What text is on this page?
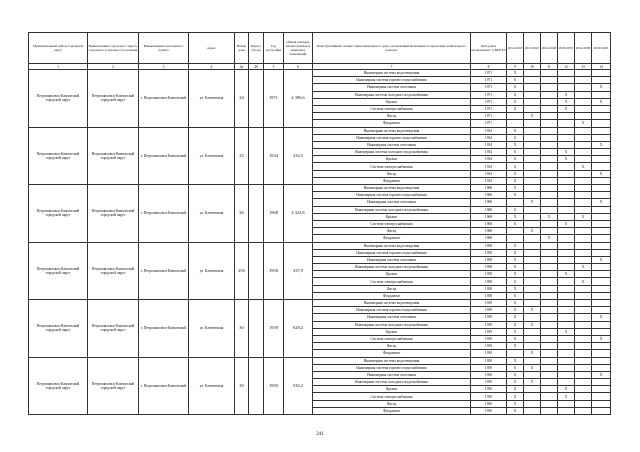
Муниципальный район, Городской округ	Наименование городского округа, городского (сельского) поселения	Наименование населенного пункта	Адрес	Номер дома	Корпус (блок)	Год постройки	Общая площадь жилых (жилых и нежилых) помещений	Конструктивный элемент многоквартирного дома, подлежащий включению в программу капитального ремонта	Дата ранее проведенного в БКР КЗ	2014 2018	2019 2023	2024 2028	2029 2033	2034 2038	2039 2043
1	2	3	4	4а	4б	5	6	7	8	9	10	11	12	13	14
Петропавловск-Камчатский городской округ	Петропавловск-Камчатский городской округ	г. Петропавловск-Камчатский	ул. Ключевская	24		1971	4 396,6	Инженерная система водоотведения	1971	X					
								Инженерная система горячего водоснабжения	1971	X					
								Инженерная система отопления	1971	X					X
								Инженерная система холодного водоснабжения	1971	X			X		
								Крыша	1971	X			X		X
								Система электроснабжения	1971	X			X		
								Фасад	1971		X				
								Фундамент	1971					X	
Петропавловск-Камчатский городской округ	Петропавловск-Камчатский городской округ	г. Петропавловск-Камчатский	ул. Ключевская	25		1934	434,5	Инженерная система водоотведения	1934	X					
								Инженерная система горячего водоснабжения	1934	X					
								Инженерная система отопления	1934	X					X
								Инженерная система холодного водоснабжения	1934	X			X		
								Крыша	1934	X			X		
								Система электроснабжения	1934	X				X	
								Фасад	1934	X					X
								Фундамент	1934	X					
Петропавловск-Камчатский городской округ	Петропавловск-Камчатский городской округ	г. Петропавловск-Камчатский	ул. Ключевская	26		1968	4 323,8	Инженерная система водоотведения	1968	X					
								Инженерная система горячего водоснабжения	1968	X					
								Инженерная система отопления	1968		X				X
								Инженерная система холодного водоснабжения	1968	X					
								Крыша	1968	X		X		X	
								Система электроснабжения	1968	X			X		
								Фасад	1968		X				
								Фундамент	1968			X			
Петропавловск-Камчатский городской округ	Петропавловск-Камчатский городской округ	г. Петропавловск-Камчатский	ул. Ключевская	25б		1958	337,9	Инженерная система водоотведения	1958	X					
								Инженерная система горячего водоснабжения	1958	X					
								Инженерная система отопления	1958	X					X
								Инженерная система холодного водоснабжения	1958	X				X	
								Крыша	1958	X			X		
								Система электроснабжения	1958	X				X	
								Фасад	1958	X					
								Фундамент	1958	X					
Петропавловск-Камчатский городской округ	Петропавловск-Камчатский городской округ	г. Петропавловск-Камчатский	ул. Ключевская	30		1939	628,2	Инженерная система водоотведения	1939	X					
								Инженерная система горячего водоснабжения	1939	X	X				
								Инженерная система отопления	1939	X					X
								Инженерная система холодного водоснабжения	1939	X	X				
								Крыша	1939	X			X		
								Система электроснабжения	1939	X					X
								Фасад	1939	X					
								Фундамент	1939		X				
Петропавловск-Камчатский городской округ	Петропавловск-Камчатский городской округ	г. Петропавловск-Камчатский	ул. Ключевская	39		1950	530,2	Инженерная система водоотведения	1950	X					
								Инженерная система горячего водоснабжения	1950	X	X				
								Инженерная система отопления	1950	X					X
								Инженерная система холодного водоснабжения	1950	X	X				
								Крыша	1950	X			X		
								Система электроснабжения	1950	X			X		
								Фасад	1950	X					
								Фундамент	1950	X					
241
